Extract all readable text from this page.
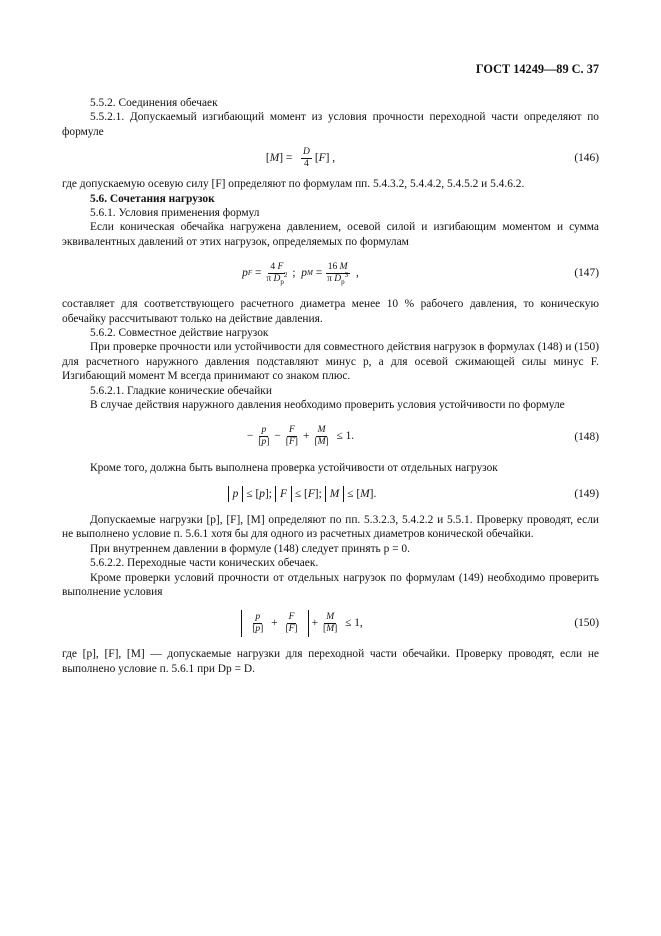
ГОСТ 14249—89 С. 37

5.5.2. Соединения обечаек

5.5.2.1. Допускаемый изгибающий момент из условия прочности переходной части определяют по формуле

[ M ] = $\frac{D}{4}$ [ F ] ,	(146)

где допускаемую осевую силу [F] определяют по формулам пп. 5.4.3.2, 5.4.4.2, 5.4.5.2 и 5.4.6.2.

5.6. Сочетания нагрузок

5.6.1. Условия применения формул

Если коническая обечайка нагружена давлением, осевой силой и изгибающим моментом и сумма эквивалентных давлений от этих нагрузок, определяемых по формулам

p $F = \frac{4 F}{\pi D_p^2}$ ; p $M = \frac{16 M}{\pi D_p^3}$ ,	(147)

составляет для соответствующего расчетного диаметра менее 10 % рабочего давления, то коническую обечайку рассчитывают только на действие давления.

5.6.2. Совместное действие нагрузок

При проверке прочности или устойчивости для совместного действия нагрузок в формулах (148) и (150) для расчетного наружного давления подставляют минус p, а для осевой сжимающей силы минус F. Изгибающий момент M всегда принимают со знаком плюс.

5.6.2.1. Гладкие конические обечайки

В случае действия наружного давления необходимо проверить условия устойчивости по формуле

− $\frac{p}{[p]} - \frac{F}{[F]} + \frac{M}{[M]} \le 1$.	(148)

Кроме того, должна быть выполнена проверка устойчивости от отдельных нагрузок

p ≤ [ p ]; F ≤ [ F ]; M ≤ [ M ].	(149)

Допускаемые нагрузки [p], [F], [M] определяют по пп. 5.3.2.3, 5.4.2.2 и 5.5.1. Проверку проводят, если не выполнено условие п. 5.6.1 хотя бы для одного из расчетных диаметров конической обечайки.

При внутреннем давлении в формуле (148) следует принять p = 0.

5.6.2.2. Переходные части конических обечаек.

Кроме проверки условий прочности от отдельных нагрузок по формулам (149) необходимо проверить выполнение условия

$\frac{p}{[p]} + \frac{F}{[F]} + \frac{M}{[M]} \le 1$,	(150)

где [p], [F], [M] — допускаемые нагрузки для переходной части обечайки. Проверку проводят, если не выполнено условие п. 5.6.1 при Dp = D.
